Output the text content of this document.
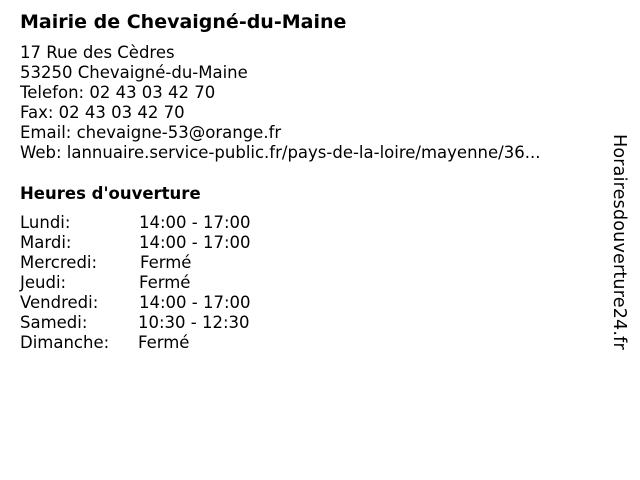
Mairie de Chevaigné-du-Maine
17 Rue des Cèdres
53250 Chevaigné-du-Maine
Telefon: 02 43 03 42 70
Fax: 02 43 03 42 70
Email: chevaigne-53@orange.fr
Web: lannuaire.service-public.fr/pays-de-la-loire/mayenne/36...
Heures d'ouverture
Lundi:	14:00 - 17:00
Mardi:	14:00 - 17:00
Mercredi:	Fermé
Jeudi:	Fermé
Vendredi: 14:00 - 17:00
Samedi:	10:30 - 12:30
Dimanche: Fermé	Horairesdouverture24.fr
